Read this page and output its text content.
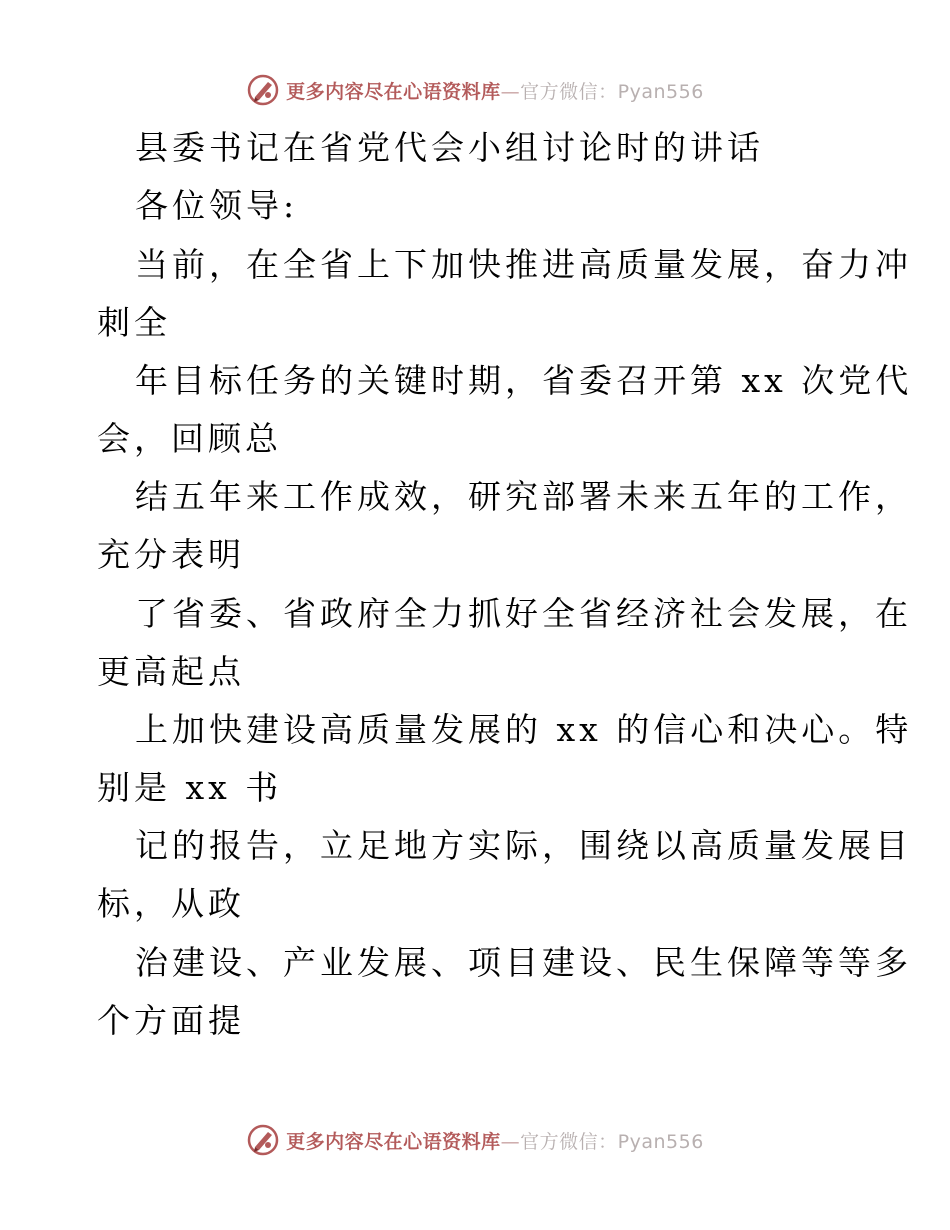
更多内容尽在心语资料库—官方微信：Pyan556
县委书记在省党代会小组讨论时的讲话
各位领导:
当前，在全省上下加快推进高质量发展，奋力冲
刺全
年目标任务的关键时期，省委召开第 xx 次党代
会，回顾总
结五年来工作成效，研究部署未来五年的工作，
充分表明
了省委、省政府全力抓好全省经济社会发展，在
更高起点
上加快建设高质量发展的 xx 的信心和决心。特
别是 xx 书
记的报告，立足地方实际，围绕以高质量发展目
标，从政
治建设、产业发展、项目建设、民生保障等等多
个方面提
更多内容尽在心语资料库—官方微信：Pyan556
